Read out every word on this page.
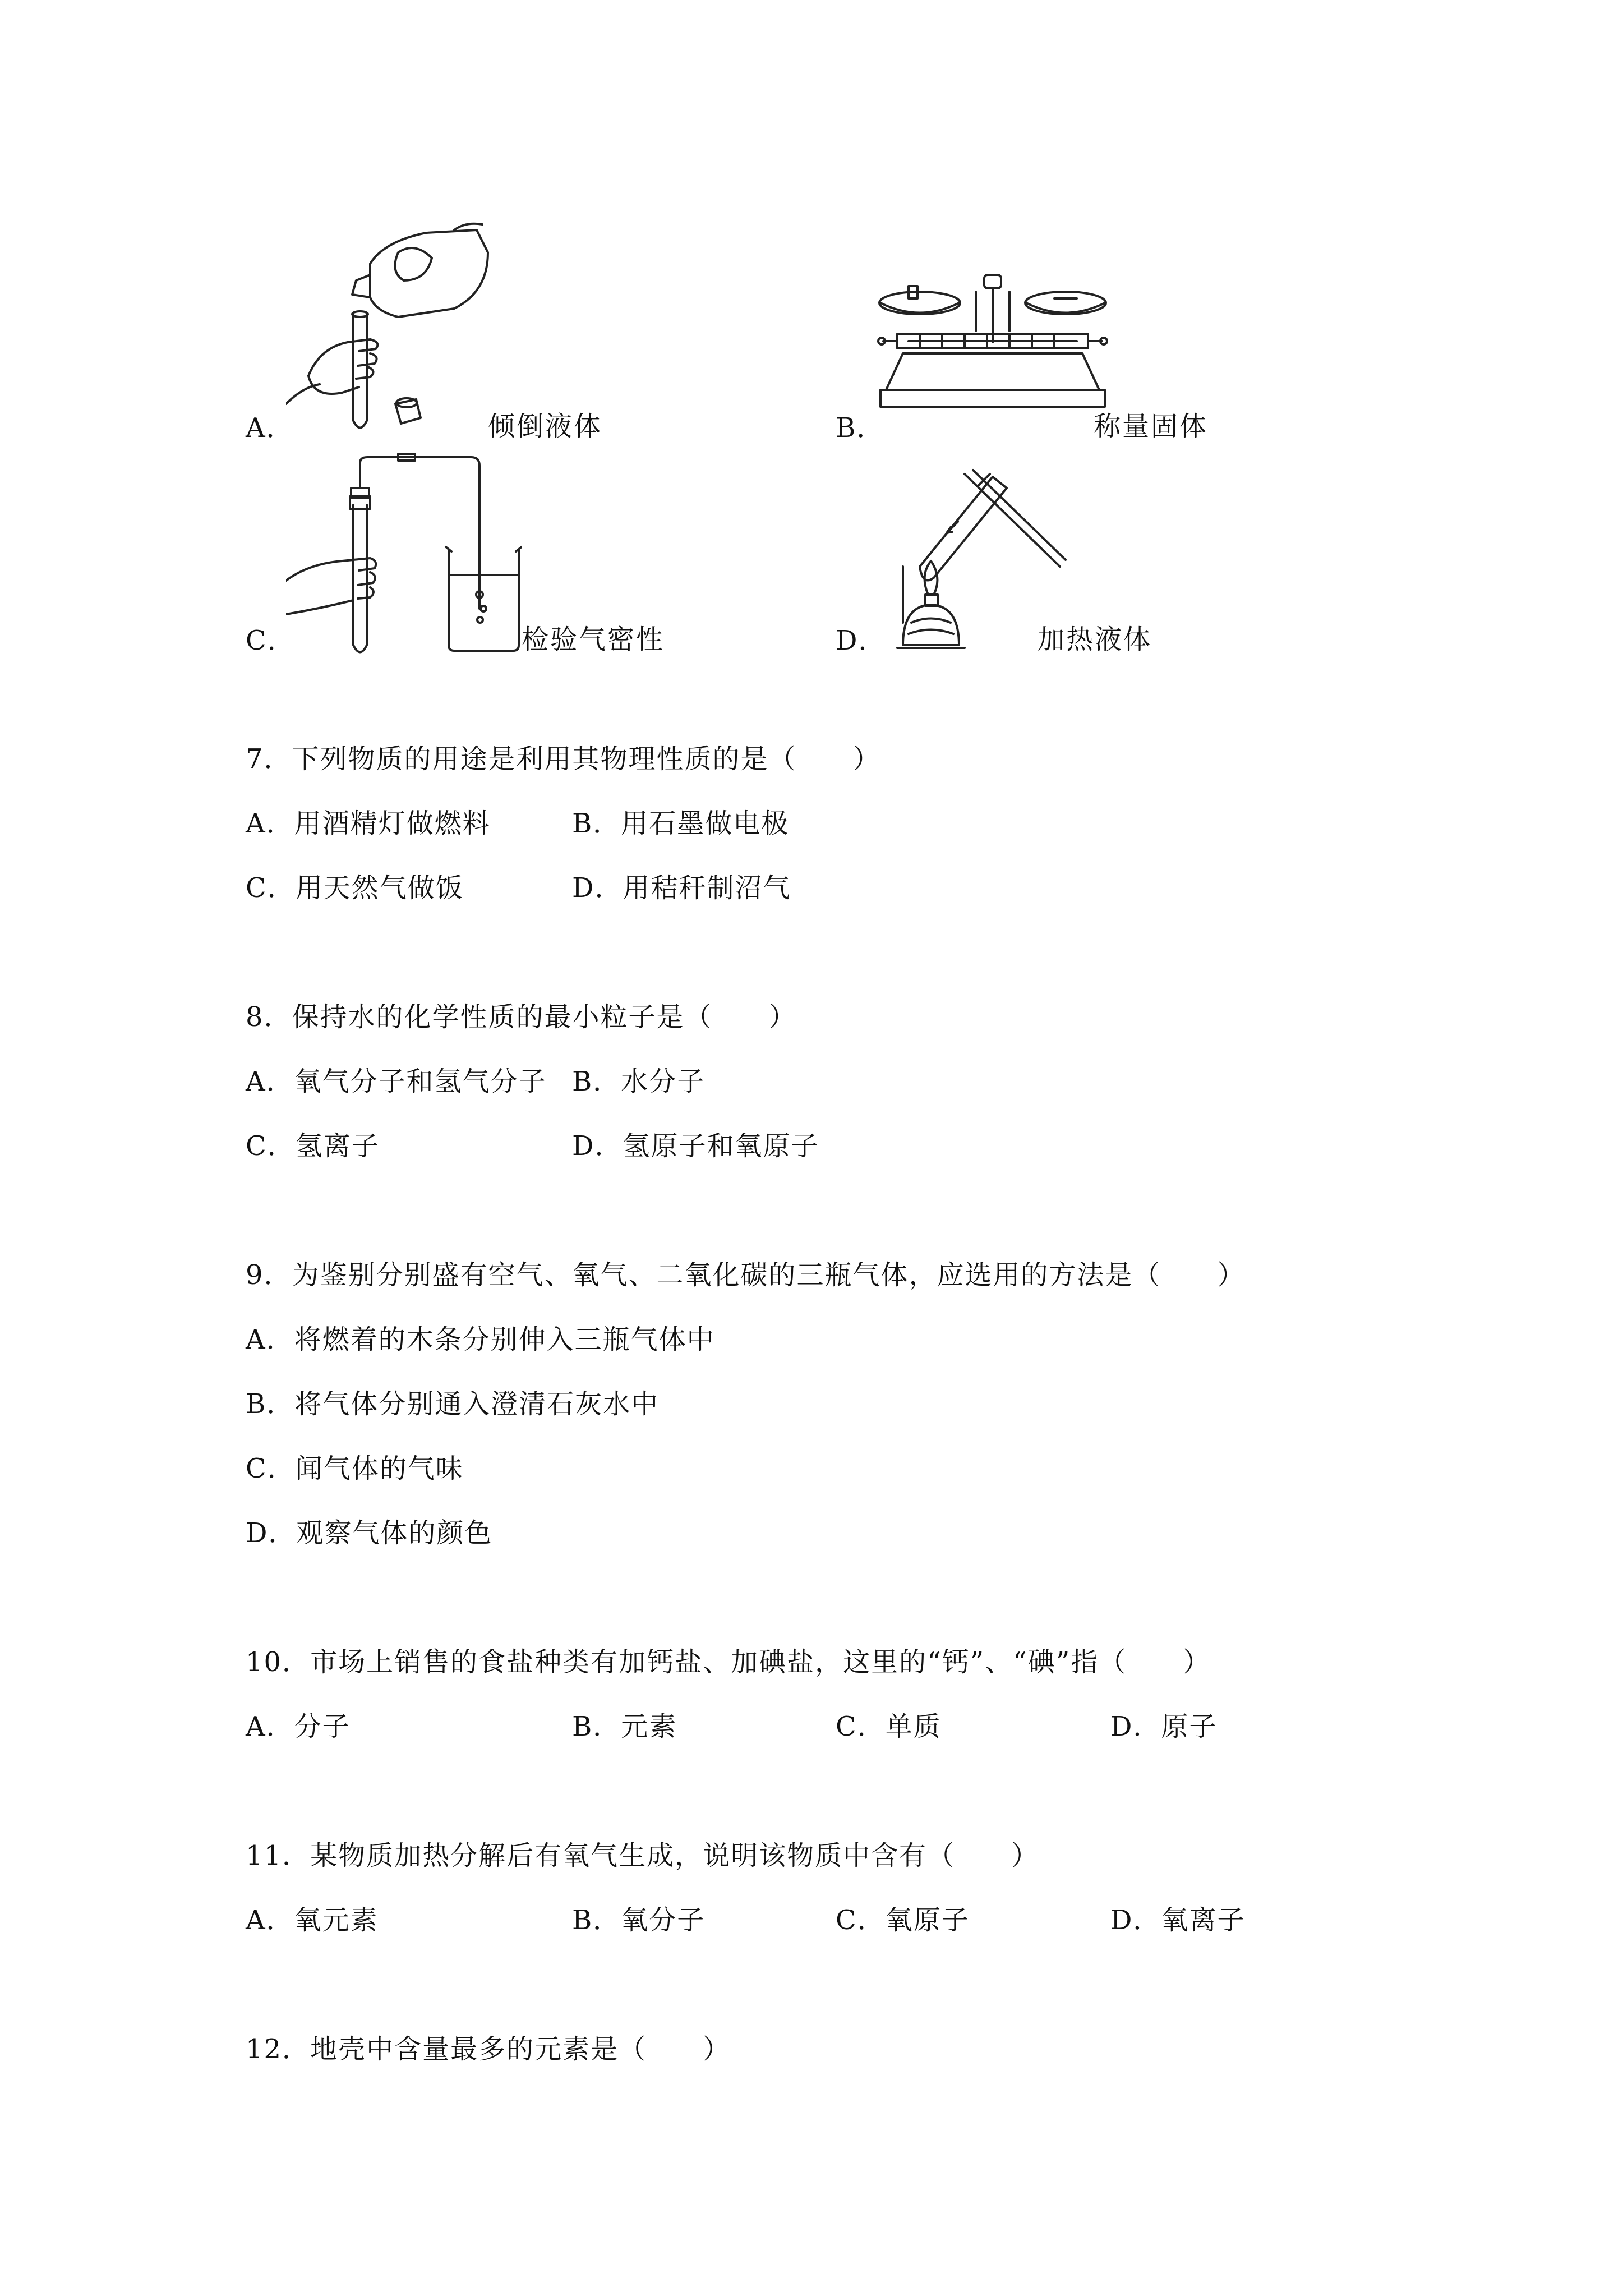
A．	倾倒液体	B．	称量固体
C．	检验气密性	D．	加热液体
7．下列物质的用途是利用其物理性质的是（　　）
A．用酒精灯做燃料	B．用石墨做电极
C．用天然气做饭	D．用秸秆制沼气
8．保持水的化学性质的最小粒子是（　　）
A．氧气分子和氢气分子 B．水分子
C．氢离子	D．氢原子和氧原子
9．为鉴别分别盛有空气、氧气、二氧化碳的三瓶气体，应选用的方法是（　　）
A．将燃着的木条分别伸入三瓶气体中
B．将气体分别通入澄清石灰水中
C．闻气体的气味
D．观察气体的颜色
10．市场上销售的食盐种类有加钙盐、加碘盐，这里的“钙”、“碘”指（　　）
A．分子	B．元素	C．单质	D．原子
11．某物质加热分解后有氧气生成，说明该物质中含有（　　）
A．氧元素	B．氧分子	C．氧原子	D．氧离子
12．地壳中含量最多的元素是（　　）
